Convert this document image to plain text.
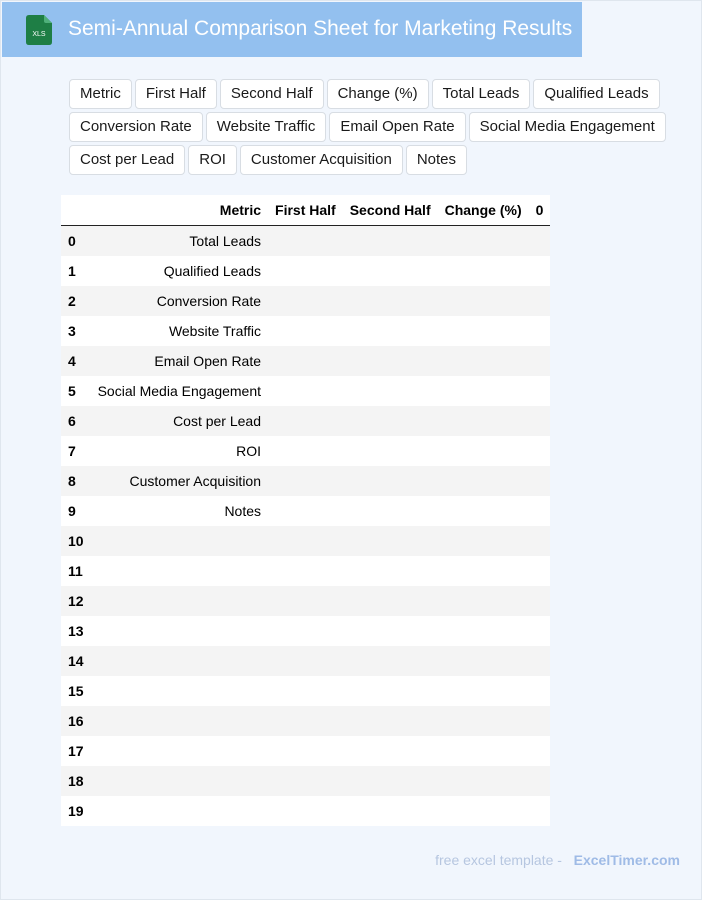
XLS Semi-Annual Comparison Sheet for Marketing Results
Metric	First Half	Second Half	Change (%)	Total Leads	Qualified Leads
Conversion Rate	Website Traffic	Email Open Rate	Social Media Engagement
Cost per Lead	ROI	Customer Acquisition	Notes
	Metric	First Half	Second Half	Change (%)	0
0	Total Leads				
1	Qualified Leads				
2	Conversion Rate				
3	Website Traffic				
4	Email Open Rate				
5	Social Media Engagement				
6	Cost per Lead				
7	ROI				
8	Customer Acquisition				
9	Notes				
10					
11					
12					
13					
14					
15					
16					
17					
18					
19					
free excel template - ExcelTimer.com
